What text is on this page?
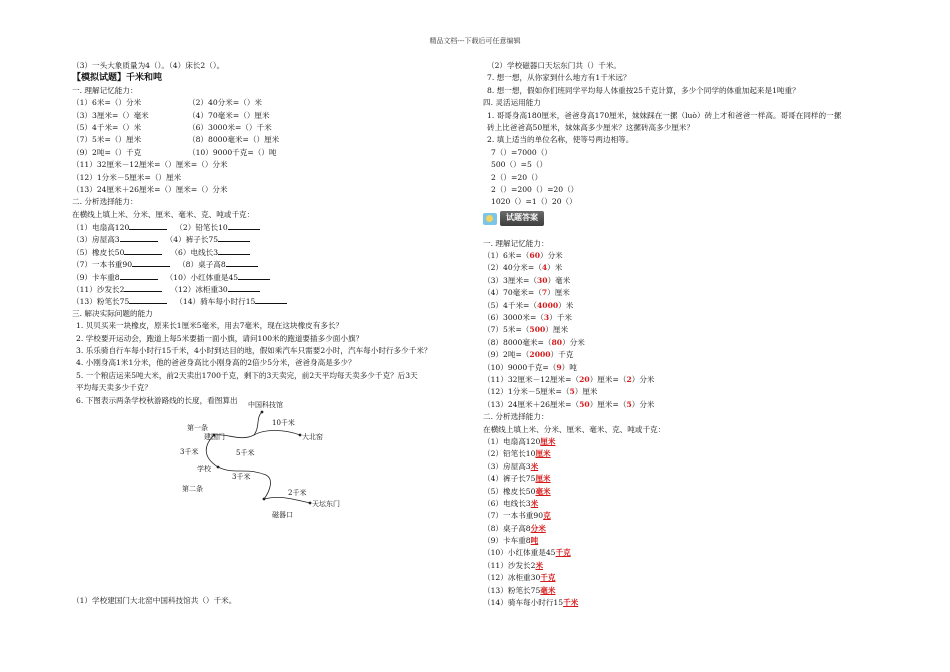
精品文档---下载后可任意编辑
（3）一头大象质量为4（）。（4）床长2（）。
【模拟试题】千米和吨
一. 理解记忆能力：
（1）6米=（）分米	（2）40分米=（）米
（3）3厘米=（）毫米	（4）70毫米=（）厘米
（5）4千米=（）米	（6）3000米=（）千米
（7）5米=（）厘米	（8）8000毫米=（）厘米
（9）2吨=（）千克	（10）9000千克=（）吨
（11）32厘米－12厘米=（）厘米=（）分米
（12）1分米－5厘米=（）厘米
（13）24厘米＋26厘米=（）厘米=（）分米
二. 分析选择能力：
在横线上填上米、分米、厘米、毫米、克、吨或千克：
（1）电扇高120	（2）铅笔长10
（3）房屋高3	（4）裤子长75
（5）橡皮长50	（6）电线长3
（7）一本书重90	（8）桌子高8
（9）卡车重8	（10）小红体重是45
（11）沙发长2	（12）冰柜重30
（13）粉笔长75	（14）骑车每小时行15
三. 解决实际问题的能力
1. 贝贝买来一块橡皮，原来长1厘米5毫米，用去7毫米，现在这块橡皮有多长？
2. 学校要开运动会，跑道上每5米要插一面小旗，请问100米的跑道要插多少面小旗？
3. 乐乐骑自行车每小时行15千米，4小时到达目的地，假如乘汽车只需要2小时，汽车每小时行多少千米？
4. 小刚身高1米1分米，他的爸爸身高比小刚身高的2倍少5分米，爸爸身高是多少？
5. 一个粮店运来5吨大米，前2天卖出1700千克，剩下的3天卖完，前2天平均每天卖多少千克？后3天
平均每天卖多少千克？
6. 下图表示两条学校秋游路线的长度，看图算出
中国科技馆
第一条
10千米
建国门	大北窑
3千米	5千米
学校
3千米
第二条	2千米
天坛东门
磁器口
（1）学校建国门大北窑中国科技馆共（）千米。
（2）学校磁器口天坛东门共（）千米。
7. 想一想，从你家到什么地方有1千米远？
8. 想一想，假如你们班同学平均每人体重按25千克计算，多少个同学的体重加起来是1吨重？
四. 灵活运用能力
1. 哥哥身高180厘米，爸爸身高170厘米，妹妹踩在一摞（luò）砖上才和爸爸一样高。哥哥在同样的一摞
砖上比爸爸高50厘米，妹妹高多少厘米？这摞砖高多少厘米？
2. 填上适当的单位名称，使等号两边相等。
7（）=7000（）
500（）=5（）
2（）=20（）
2（）=200（）=20（）
1020（）=1（）20（）
试题答案
一. 理解记忆能力：
（1）6米=（60）分米
（2）40分米=（4）米
（3）3厘米=（30）毫米
（4）70毫米=（7）厘米
（5）4千米=（4000）米
（6）3000米=（3）千米
（7）5米=（500）厘米
（8）8000毫米=（80）分米
（9）2吨=（2000）千克
（10）9000千克=（9）吨
（11）32厘米－12厘米=（20）厘米=（2）分米
（12）1分米－5厘米=（5）厘米
（13）24厘米＋26厘米=（50）厘米=（5）分米
二. 分析选择能力：
在横线上填上米、分米、厘米、毫米、克、吨或千克：
（1）电扇高120厘米
（2）铅笔长10厘米
（3）房屋高3米
（4）裤子长75厘米
（5）橡皮长50毫米
（6）电线长3米
（7）一本书重90克
（8）桌子高8分米
（9）卡车重8吨
（10）小红体重是45千克
（11）沙发长2米
（12）冰柜重30千克
（13）粉笔长75毫米
（14）骑车每小时行15千米
